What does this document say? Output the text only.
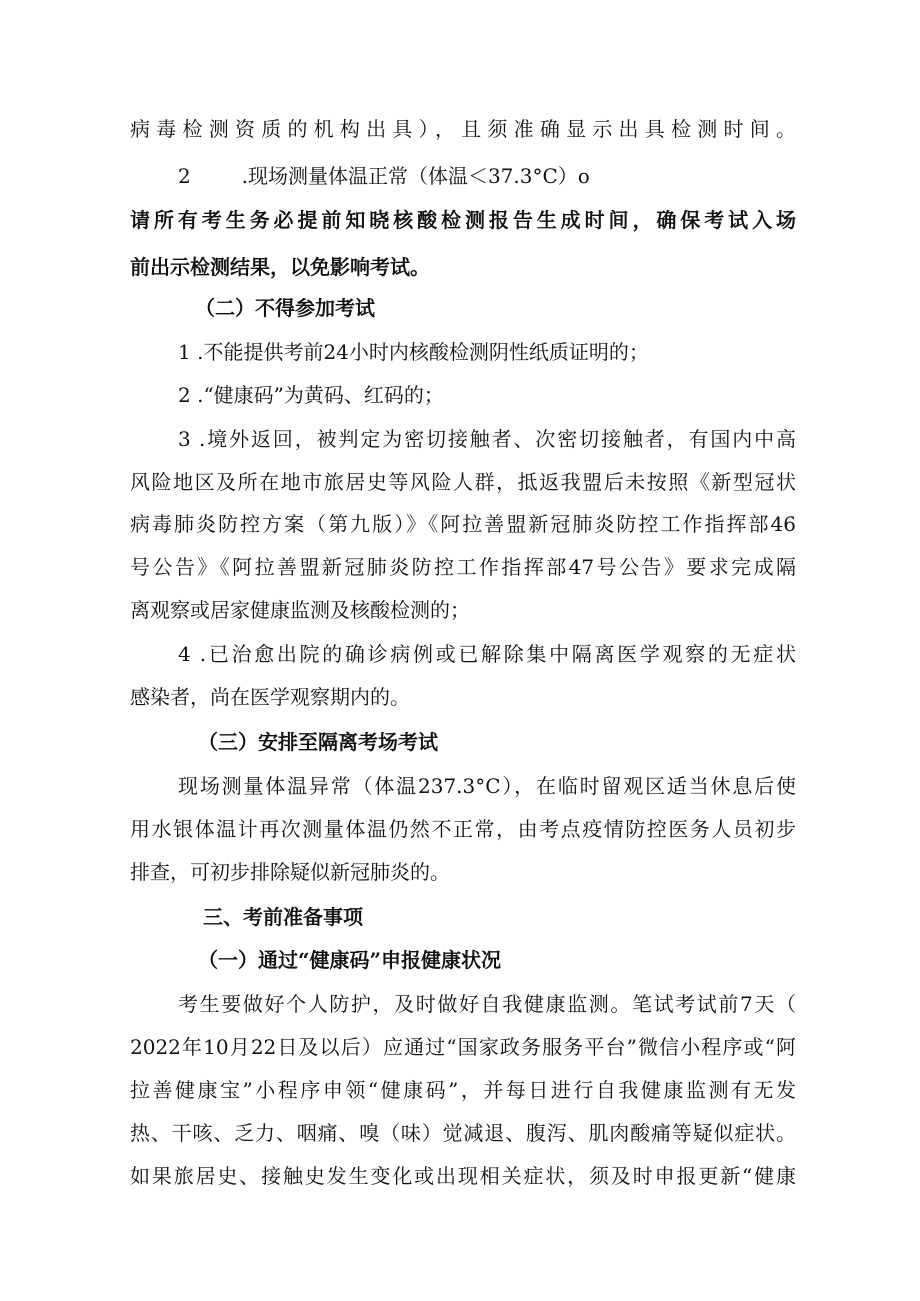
病毒检测资质的机构出具），且须准确显示出具检测时间。
2        .现场测量体温正常（体温＜37.3°C）o
请所有考生务必提前知晓核酸检测报告生成时间，确保考试入场
前出示检测结果，以免影响考试。
（二）不得参加考试
1 .不能提供考前24小时内核酸检测阴性纸质证明的；
2 .“健康码”为黄码、红码的；
3 .境外返回，被判定为密切接触者、次密切接触者，有国内中高
风险地区及所在地市旅居史等风险人群，抵返我盟后未按照《新型冠状
病毒肺炎防控方案（第九版）》《阿拉善盟新冠肺炎防控工作指挥部46
号公告》《阿拉善盟新冠肺炎防控工作指挥部47号公告》要求完成隔
离观察或居家健康监测及核酸检测的；
4 .已治愈出院的确诊病例或已解除集中隔离医学观察的无症状
感染者，尚在医学观察期内的。
（三）安排至隔离考场考试
现场测量体温异常（体温237.3°C），在临时留观区适当休息后使
用水银体温计再次测量体温仍然不正常，由考点疫情防控医务人员初步
排查，可初步排除疑似新冠肺炎的。
三、考前准备事项
（一）通过“健康码”申报健康状况
考生要做好个人防护，及时做好自我健康监测。笔试考试前7天（
2022年10月22日及以后）应通过“国家政务服务平台”微信小程序或“阿
拉善健康宝”小程序申领“健康码”，并每日进行自我健康监测有无发
热、干咳、乏力、咽痛、嗅（味）觉减退、腹泻、肌肉酸痛等疑似症状。
如果旅居史、接触史发生变化或出现相关症状，须及时申报更新“健康
